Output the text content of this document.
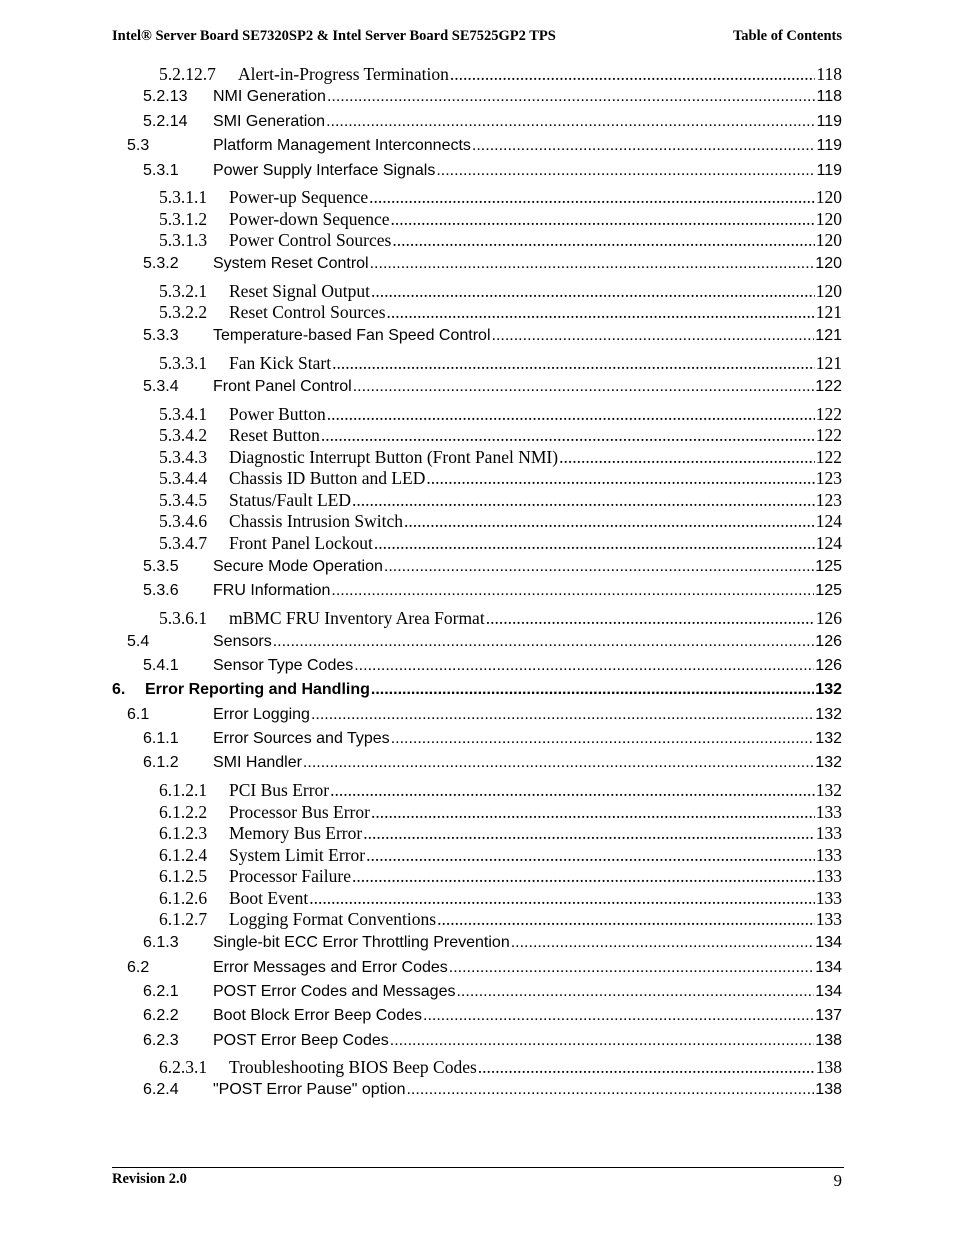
Intel® Server Board SE7320SP2 & Intel Server Board SE7525GP2 TPS	Table of Contents
5.2.12.7 Alert-in-Progress Termination .....	118
5.2.13 NMI Generation .....	118
5.2.14 SMI Generation .....	119
5.3	Platform Management Interconnects .....	119
5.3.1 Power Supply Interface Signals .....	119
5.3.1.1 Power-up Sequence .....	120
5.3.1.2 Power-down Sequence .....	120
5.3.1.3 Power Control Sources .....	120
5.3.2 System Reset Control .....	120
5.3.2.1 Reset Signal Output .....	120
5.3.2.2 Reset Control Sources .....	121
5.3.3 Temperature-based Fan Speed Control .....	121
5.3.3.1 Fan Kick Start .....	121
5.3.4 Front Panel Control .....	122
5.3.4.1 Power Button .....	122
5.3.4.2 Reset Button .....	122
5.3.4.3 Diagnostic Interrupt Button (Front Panel NMI) .....	122
5.3.4.4 Chassis ID Button and LED .....	123
5.3.4.5 Status/Fault LED .....	123
5.3.4.6 Chassis Intrusion Switch .....	124
5.3.4.7 Front Panel Lockout .....	124
5.3.5 Secure Mode Operation .....	125
5.3.6 FRU Information .....	125
5.3.6.1 mBMC FRU Inventory Area Format .....	126
5.4	Sensors .....	126
5.4.1 Sensor Type Codes .....	126
6. Error Reporting and Handling .....	132
6.1	Error Logging .....	132
6.1.1 Error Sources and Types .....	132
6.1.2 SMI Handler .....	132
6.1.2.1 PCI Bus Error .....	132
6.1.2.2 Processor Bus Error .....	133
6.1.2.3 Memory Bus Error .....	133
6.1.2.4 System Limit Error .....	133
6.1.2.5 Processor Failure .....	133
6.1.2.6 Boot Event .....	133
6.1.2.7 Logging Format Conventions .....	133
6.1.3 Single-bit ECC Error Throttling Prevention .....	134
6.2	Error Messages and Error Codes .....	134
6.2.1 POST Error Codes and Messages .....	134
6.2.2 Boot Block Error Beep Codes .....	137
6.2.3 POST Error Beep Codes .....	138
6.2.3.1 Troubleshooting BIOS Beep Codes .....	138
6.2.4 "POST Error Pause" option .....	138
Revision 2.0	9
